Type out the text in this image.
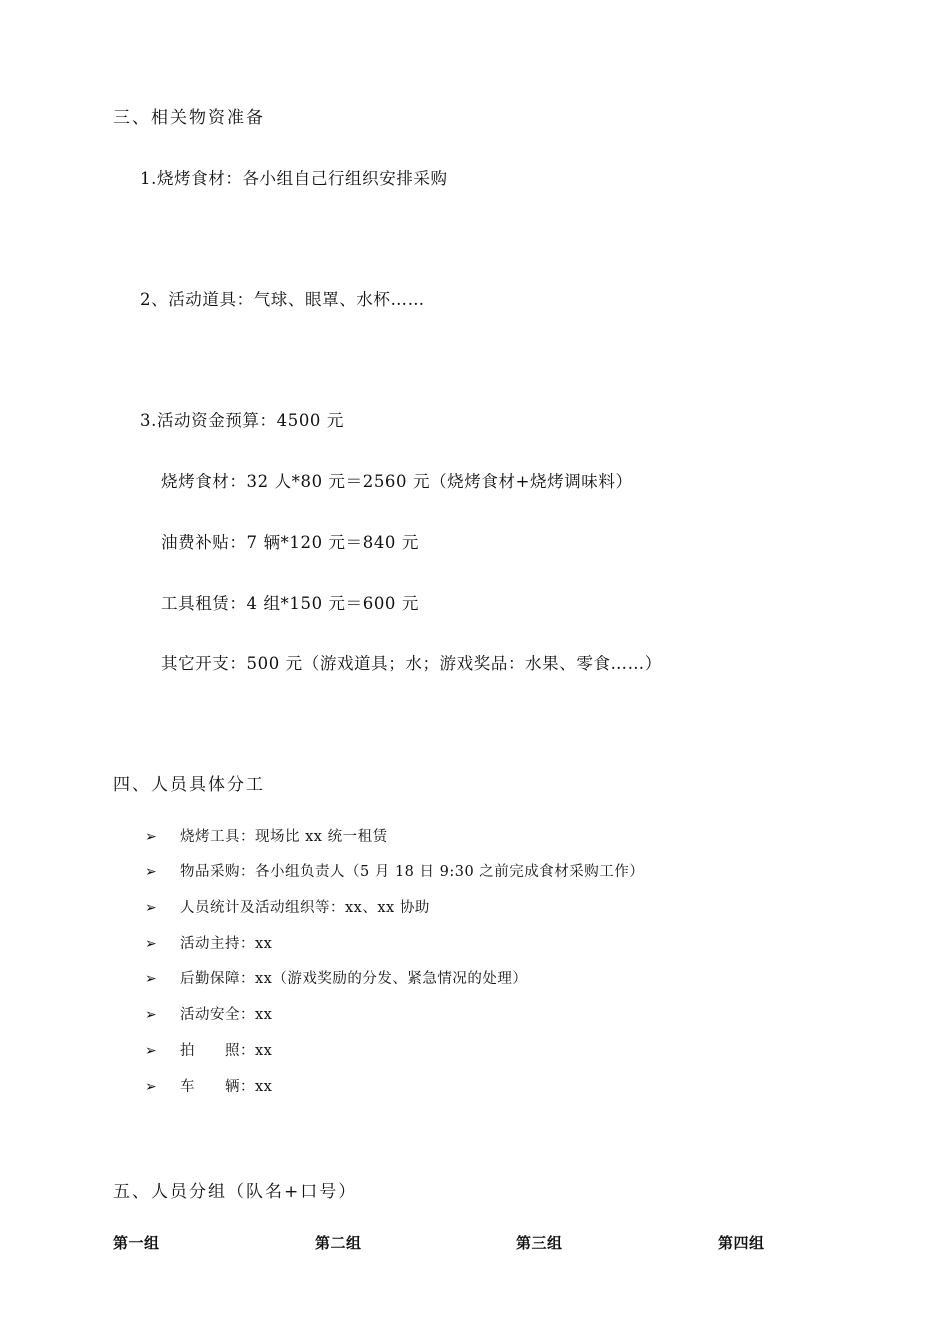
三、相关物资准备
1.烧烤食材：各小组自己行组织安排采购
2、活动道具：气球、眼罩、水杯……
3.活动资金预算：4500 元
烧烤食材：32 人*80 元＝2560 元（烧烤食材+烧烤调味料）
油费补贴：7 辆*120 元＝840 元
工具租赁：4 组*150 元＝600 元
其它开支：500 元（游戏道具；水；游戏奖品：水果、零食……）
四、人员具体分工
➢ 烧烤工具：现场比 xx 统一租赁
➢ 物品采购：各小组负责人（5 月 18 日 9:30 之前完成食材采购工作）
➢ 人员统计及活动组织等：xx、xx 协助
➢ 活动主持：xx
➢ 后勤保障：xx（游戏奖励的分发、紧急情况的处理）
➢ 活动安全：xx
➢ 拍　　照：xx
➢ 车　　辆：xx
五、人员分组（队名+口号）
第一组	第二组	第三组	第四组
